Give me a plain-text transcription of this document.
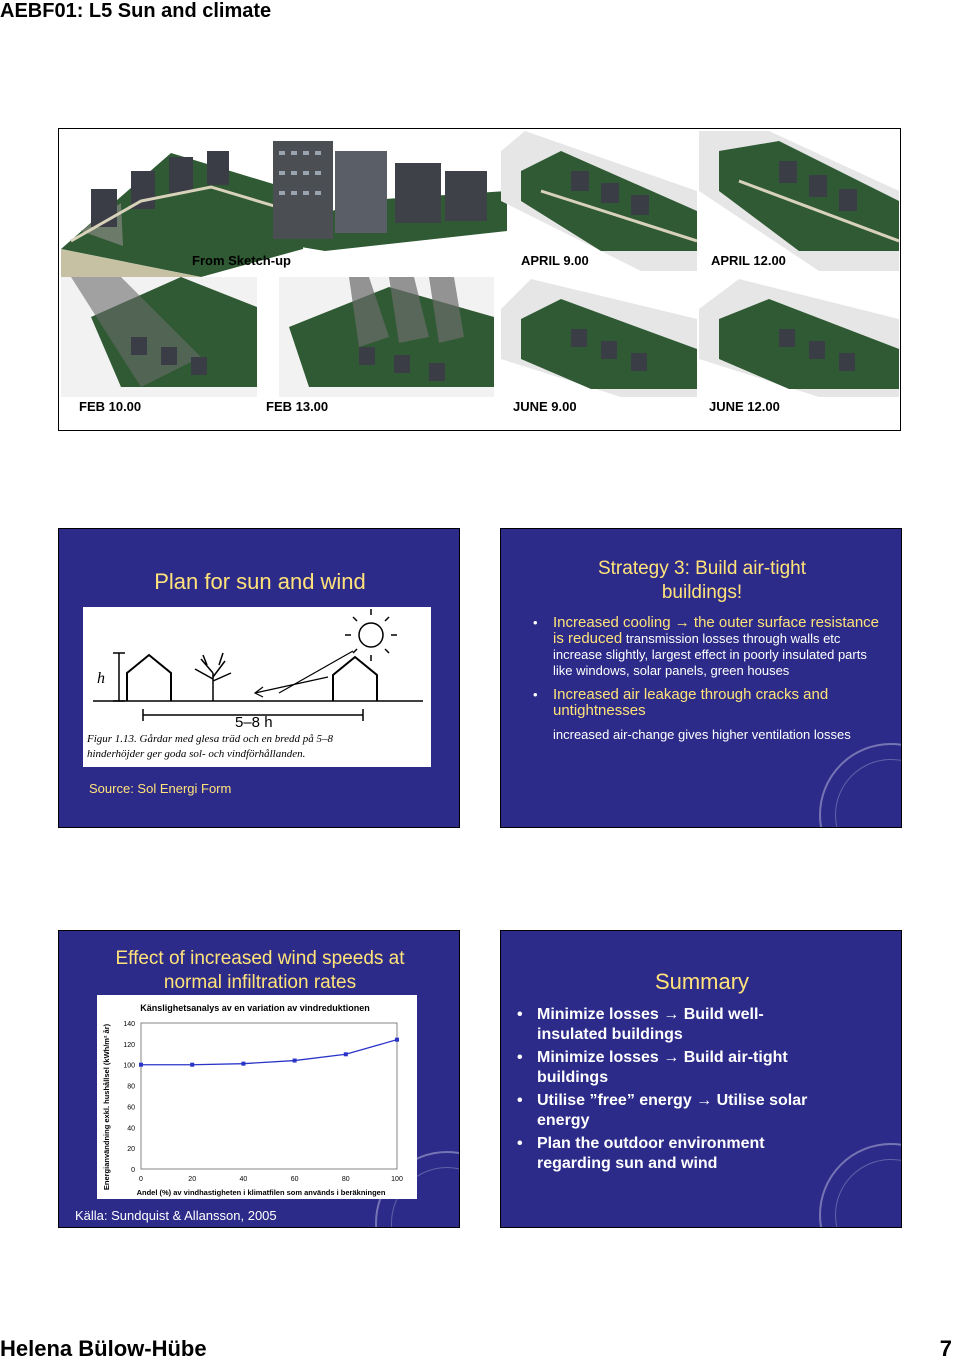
AEBF01: L5 Sun and climate
From Sketch-up	APRIL 9.00	APRIL 12.00
FEB 10.00	FEB 13.00	JUNE 9.00	JUNE 12.00
Plan for sun and wind
h
5–8 h
Figur 1.13. Gårdar med glesa träd och en bredd på 5–8
hinderhöjder ger goda sol- och vindförhållanden.
Source: Sol Energi Form
Strategy 3: Build air-tight
buildings!
• Increased cooling → the outer surface resistance is reduced transmission losses through walls etc increase slightly, largest effect in poorly insulated parts like windows, solar panels, green houses
• Increased air leakage through cracks and untightnesses
increased air-change gives higher ventilation losses
Effect of increased wind speeds at
normal infiltration rates
Känslighetsanalys av en variation av vindreduktionen
0
20
40
60
80
100
120
140
0	20	40	60	80	100
Andel (%) av vindhastigheten i klimatfilen som används i beräkningen
Energianvändning exkl. hushållsel (kWh/m² år)
Källa: Sundquist & Allansson, 2005
Summary
• Minimize losses → Build well-insulated buildings
• Minimize losses → Build air-tight buildings
• Utilise ”free” energy → Utilise solar energy
• Plan the outdoor environment regarding sun and wind
Helena Bülow-Hübe	7
